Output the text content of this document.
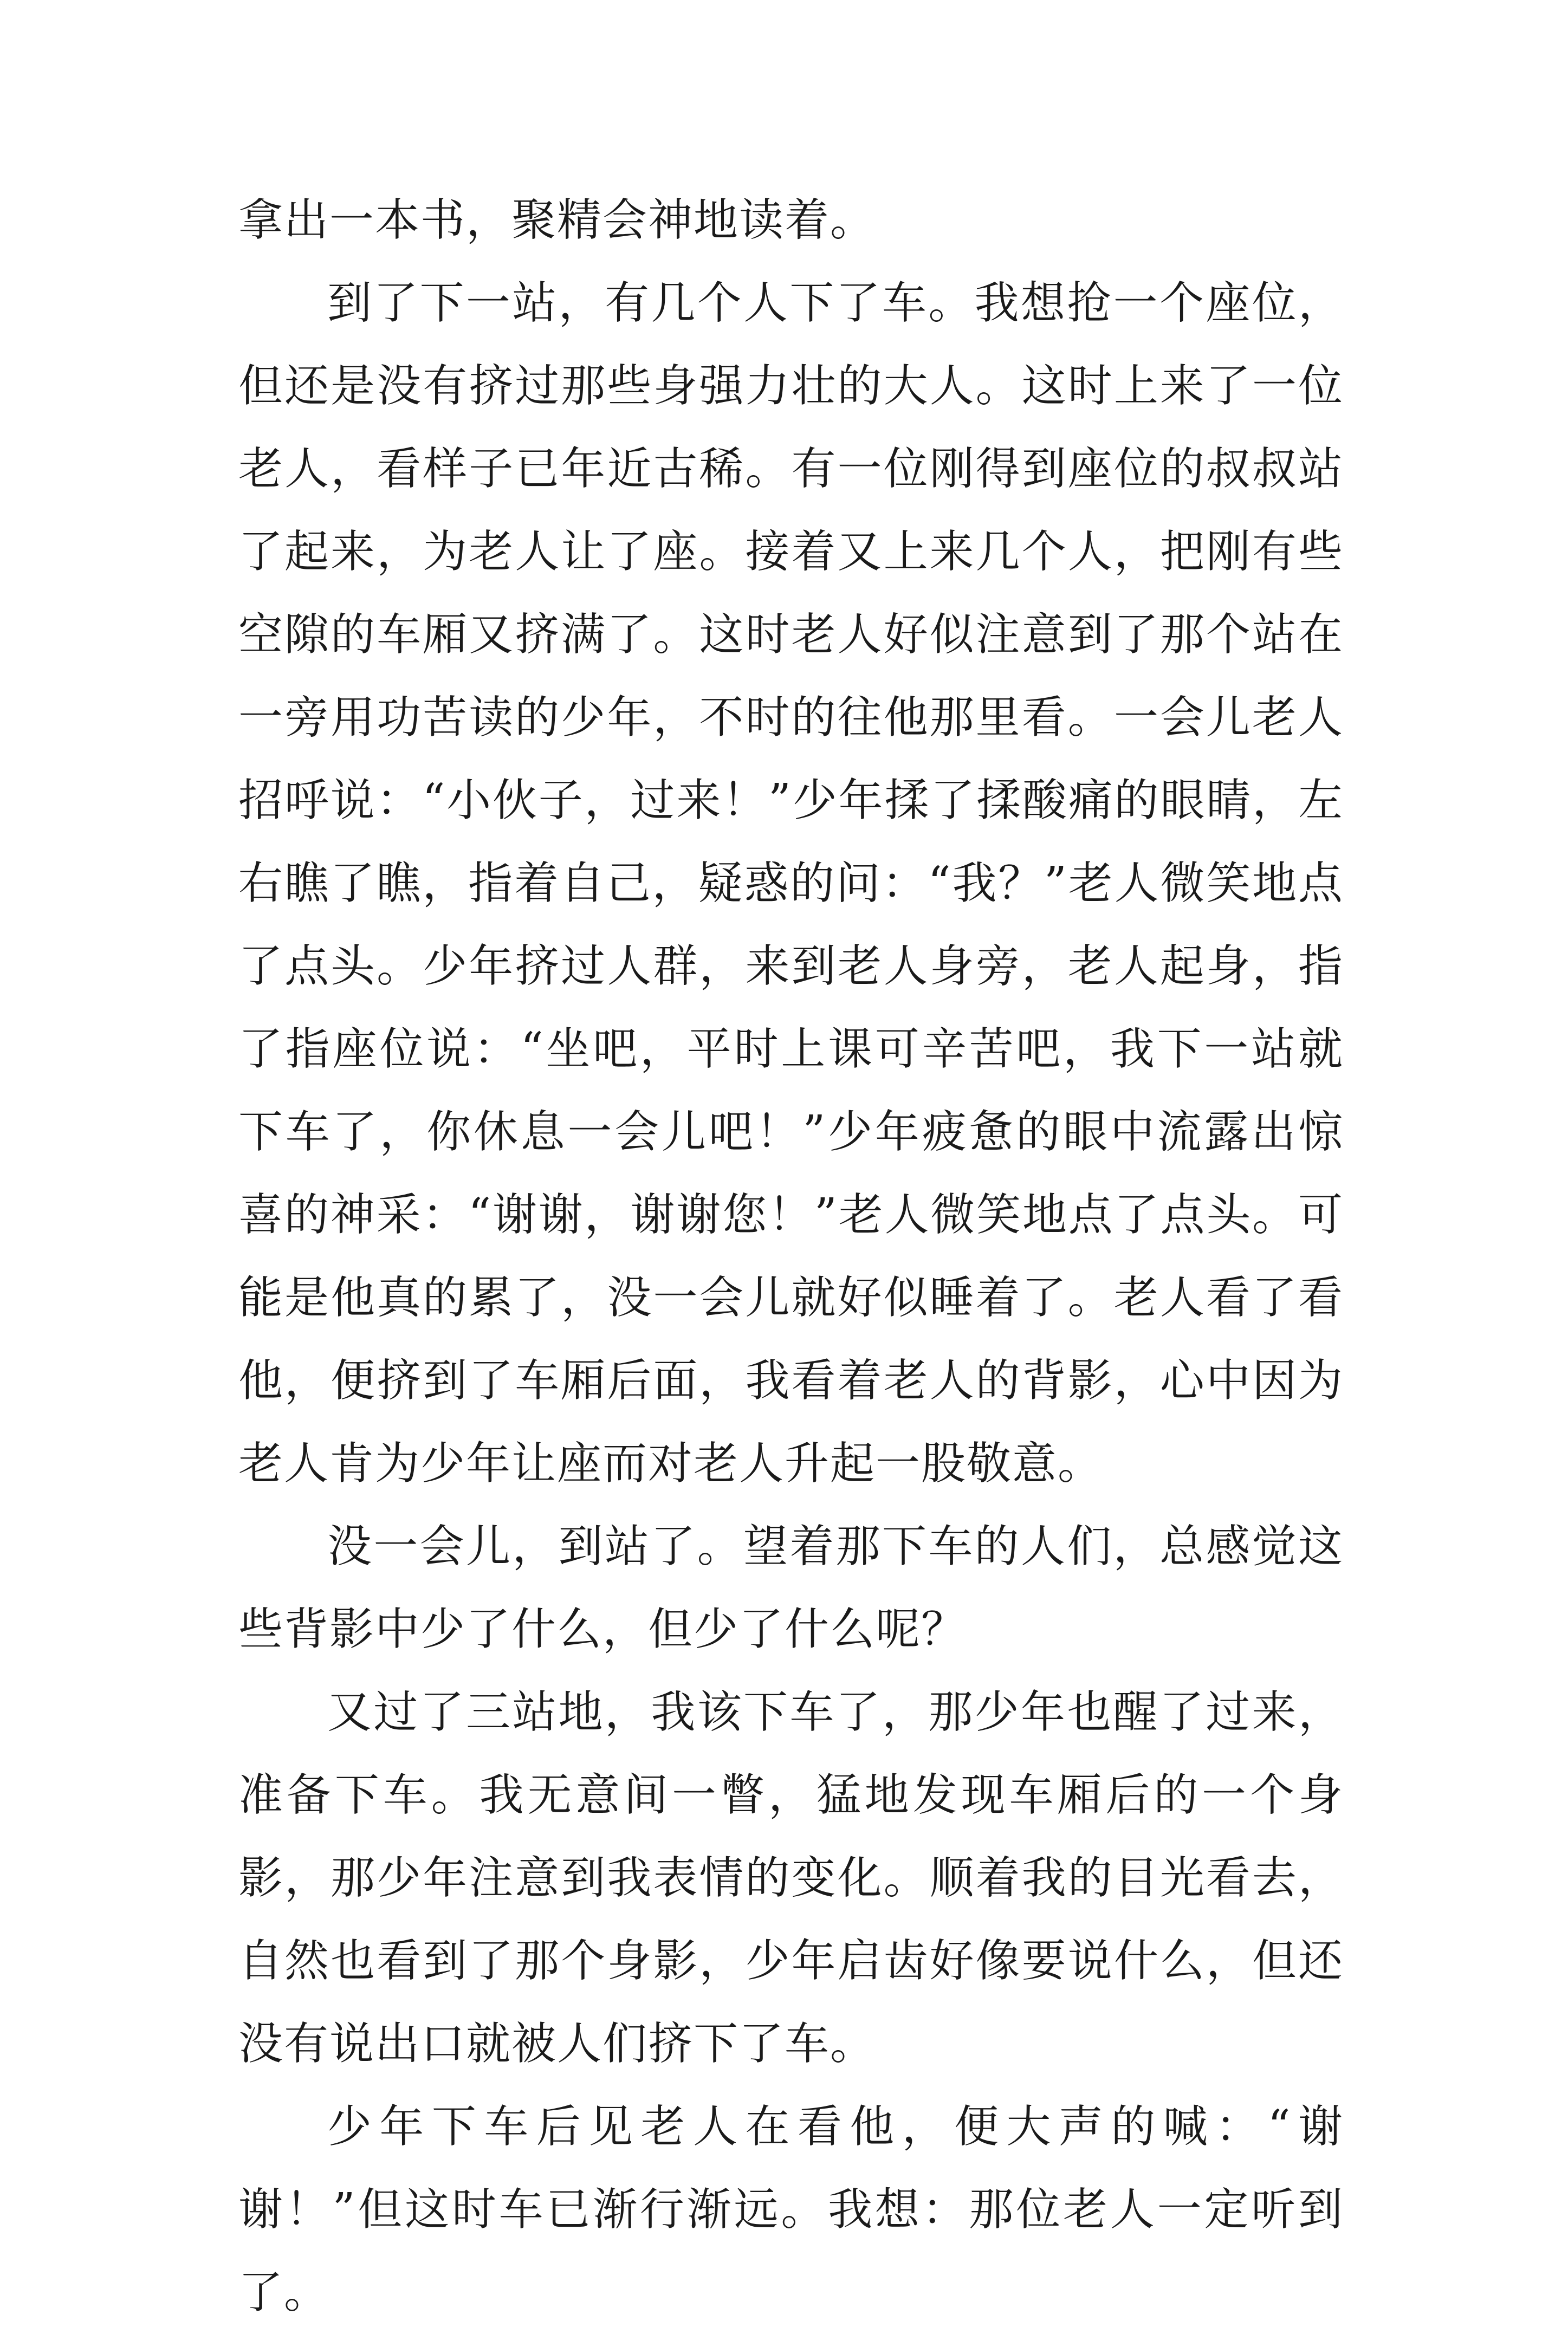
拿出一本书，聚精会神地读着。

到了下一站，有几个人下了车。我想抢一个座位，但还是没有挤过那些身强力壮的大人。这时上来了一位老人，看样子已年近古稀。有一位刚得到座位的叔叔站了起来，为老人让了座。接着又上来几个人，把刚有些空隙的车厢又挤满了。这时老人好似注意到了那个站在一旁用功苦读的少年，不时的往他那里看。一会儿老人招呼说：“小伙子，过来！”少年揉了揉酸痛的眼睛，左右瞧了瞧，指着自己，疑惑的问：“我？”老人微笑地点了点头。少年挤过人群，来到老人身旁，老人起身，指了指座位说：“坐吧，平时上课可辛苦吧，我下一站就下车了，你休息一会儿吧！”少年疲惫的眼中流露出惊喜的神采：“谢谢，谢谢您！”老人微笑地点了点头。可能是他真的累了，没一会儿就好似睡着了。老人看了看他，便挤到了车厢后面，我看着老人的背影，心中因为老人肯为少年让座而对老人升起一股敬意。

没一会儿，到站了。望着那下车的人们，总感觉这些背影中少了什么，但少了什么呢？

又过了三站地，我该下车了，那少年也醒了过来，准备下车。我无意间一瞥，猛地发现车厢后的一个身影，那少年注意到我表情的变化。顺着我的目光看去，自然也看到了那个身影，少年启齿好像要说什么，但还没有说出口就被人们挤下了车。

少年下车后见老人在看他，便大声的喊：“谢谢！”但这时车已渐行渐远。我想：那位老人一定听到了。
